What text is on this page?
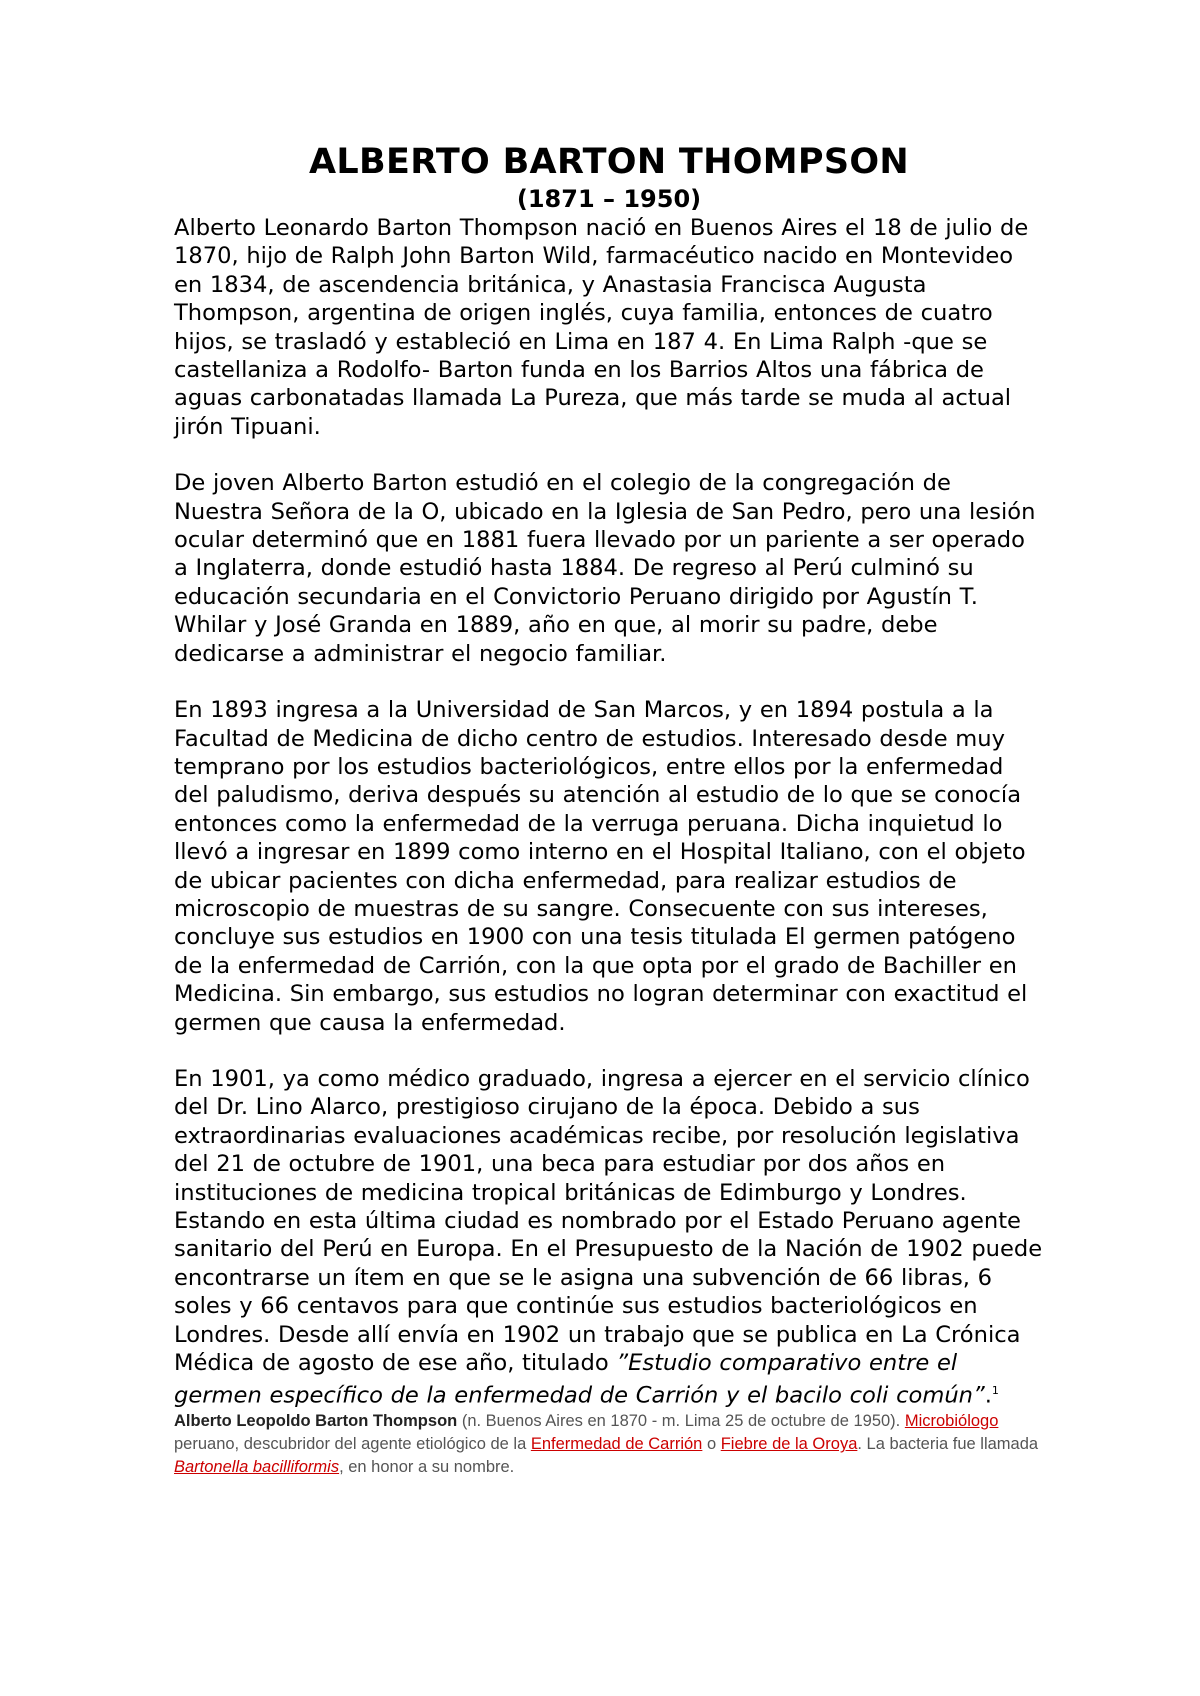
ALBERTO BARTON THOMPSON
(1871 – 1950)

Alberto Leonardo Barton Thompson nació en Buenos Aires el 18 de julio de 1870, hijo de Ralph John Barton Wild, farmacéutico nacido en Montevideo en 1834, de ascendencia británica, y Anastasia Francisca Augusta Thompson, argentina de origen inglés, cuya familia, entonces de cuatro hijos, se trasladó y estableció en Lima en 187 4. En Lima Ralph -que se castellaniza a Rodolfo- Barton funda en los Barrios Altos una fábrica de aguas carbonatadas llamada La Pureza, que más tarde se muda al actual jirón Tipuani.

De joven Alberto Barton estudió en el colegio de la congregación de Nuestra Señora de la O, ubicado en la Iglesia de San Pedro, pero una lesión ocular determinó que en 1881 fuera llevado por un pariente a ser operado a Inglaterra, donde estudió hasta 1884. De regreso al Perú culminó su educación secundaria en el Convictorio Peruano dirigido por Agustín T. Whilar y José Granda en 1889, año en que, al morir su padre, debe dedicarse a administrar el negocio familiar.

En 1893 ingresa a la Universidad de San Marcos, y en 1894 postula a la Facultad de Medicina de dicho centro de estudios. Interesado desde muy temprano por los estudios bacteriológicos, entre ellos por la enfermedad del paludismo, deriva después su atención al estudio de lo que se conocía entonces como la enfermedad de la verruga peruana. Dicha inquietud lo llevó a ingresar en 1899 como interno en el Hospital Italiano, con el objeto de ubicar pacientes con dicha enfermedad, para realizar estudios de microscopio de muestras de su sangre. Consecuente con sus intereses, concluye sus estudios en 1900 con una tesis titulada El germen patógeno de la enfermedad de Carrión, con la que opta por el grado de Bachiller en Medicina. Sin embargo, sus estudios no logran determinar con exactitud el germen que causa la enfermedad.

En 1901, ya como médico graduado, ingresa a ejercer en el servicio clínico del Dr. Lino Alarco, prestigioso cirujano de la época. Debido a sus extraordinarias evaluaciones académicas recibe, por resolución legislativa del 21 de octubre de 1901, una beca para estudiar por dos años en instituciones de medicina tropical británicas de Edimburgo y Londres. Estando en esta última ciudad es nombrado por el Estado Peruano agente sanitario del Perú en Europa. En el Presupuesto de la Nación de 1902 puede encontrarse un ítem en que se le asigna una subvención de 66 libras, 6 soles y 66 centavos para que continúe sus estudios bacteriológicos en Londres. Desde allí envía en 1902 un trabajo que se publica en La Crónica Médica de agosto de ese año, titulado ”Estudio comparativo entre el germen específico de la enfermedad de Carrión y el bacilo coli común”.$^1$

Alberto Leopoldo Barton Thompson (n. Buenos Aires en 1870 - m. Lima 25 de octubre de 1950). Microbiólogo peruano, descubridor del agente etiológico de la Enfermedad de Carrión o Fiebre de la Oroya. La bacteria fue llamada Bartonella bacilliformis, en honor a su nombre.
